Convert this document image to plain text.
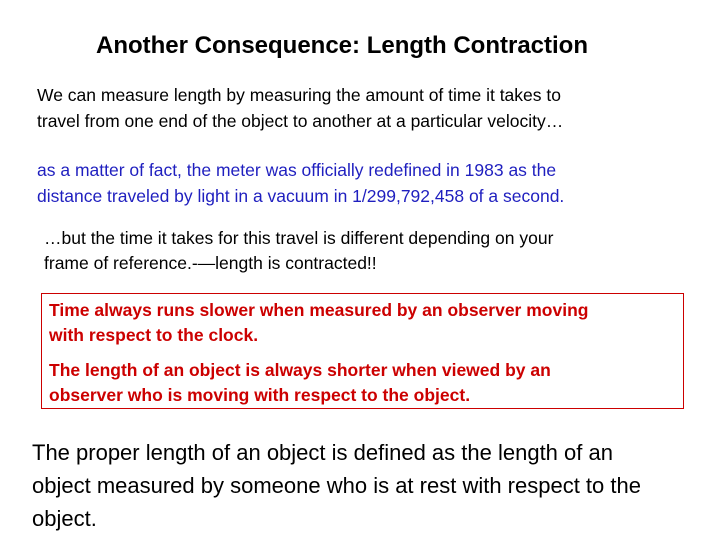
Another Consequence: Length Contraction
We can measure length by measuring the amount of time it takes to
travel from one end of the object to another at a particular velocity…
as a matter of fact, the meter was officially redefined in 1983 as the
distance traveled by light in a vacuum in 1/299,792,458 of a second.
…but the time it takes for this travel is different depending on your
frame of reference.-—length is contracted!!
Time always runs slower when measured by an observer moving
with respect to the clock.
The length of an object is always shorter when viewed by an
observer who is moving with respect to the object.
The proper length of an object is defined as the length of an
object measured by someone who is at rest with respect to the
object.
